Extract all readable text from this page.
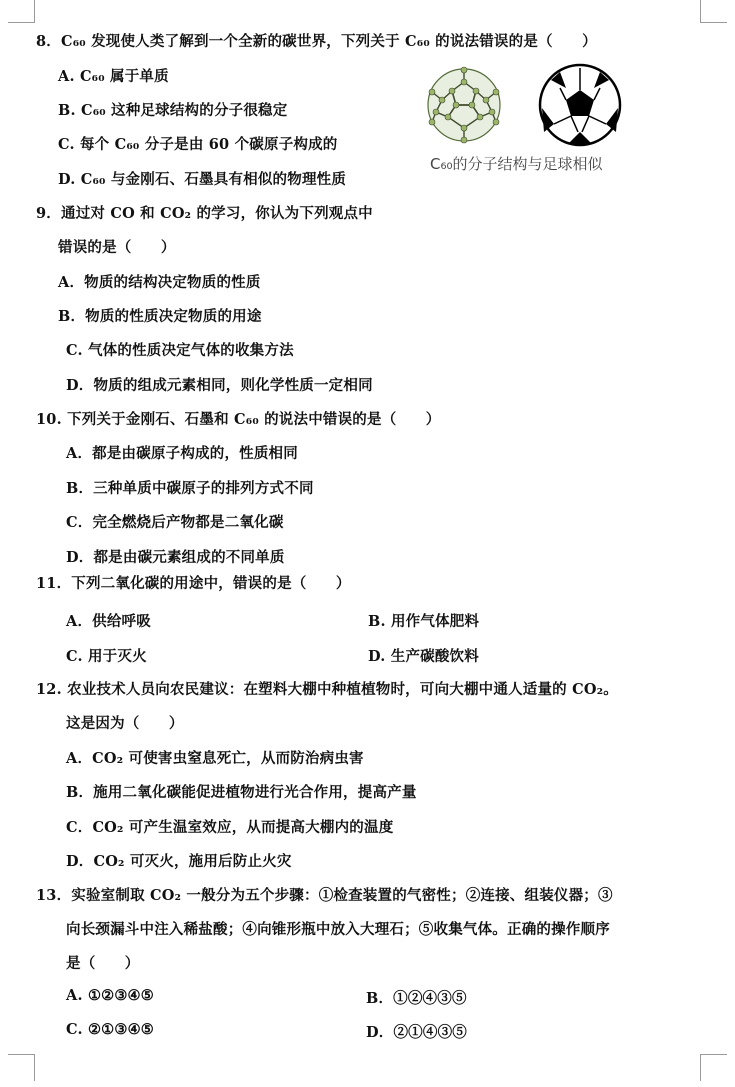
8．C₆₀ 发现使人类了解到一个全新的碳世界，下列关于 C₆₀ 的说法错误的是（　　）
A. C₆₀ 属于单质
B. C₆₀ 这种足球结构的分子很稳定
C. 每个 C₆₀ 分子是由 60 个碳原子构成的
D. C₆₀ 与金刚石、石墨具有相似的物理性质
C₆₀的分子结构与足球相似
9．通过对 CO 和 CO₂ 的学习，你认为下列观点中
错误的是（　　）
A．物质的结构决定物质的性质
B．物质的性质决定物质的用途
C. 气体的性质决定气体的收集方法
D．物质的组成元素相同，则化学性质一定相同
10. 下列关于金刚石、石墨和 C₆₀ 的说法中错误的是（　　）
A．都是由碳原子构成的，性质相同
B．三种单质中碳原子的排列方式不同
C．完全燃烧后产物都是二氧化碳
D．都是由碳元素组成的不同单质
11．下列二氧化碳的用途中，错误的是（　　）
A．供给呼吸	B. 用作气体肥料
C. 用于灭火	D. 生产碳酸饮料
12. 农业技术人员向农民建议：在塑料大棚中种植植物时，可向大棚中通人适量的 CO₂。
这是因为（　　）
A．CO₂ 可使害虫窒息死亡，从而防治病虫害
B．施用二氧化碳能促进植物进行光合作用，提高产量
C．CO₂ 可产生温室效应，从而提高大棚内的温度
D．CO₂ 可灭火，施用后防止火灾
13．实验室制取 CO₂ 一般分为五个步骤：①检查装置的气密性；②连接、组装仪器；③
向长颈漏斗中注入稀盐酸；④向锥形瓶中放入大理石；⑤收集气体。正确的操作顺序
是（　　）
A. ①②③④⑤	B．①②④③⑤
C. ②①③④⑤	D．②①④③⑤
